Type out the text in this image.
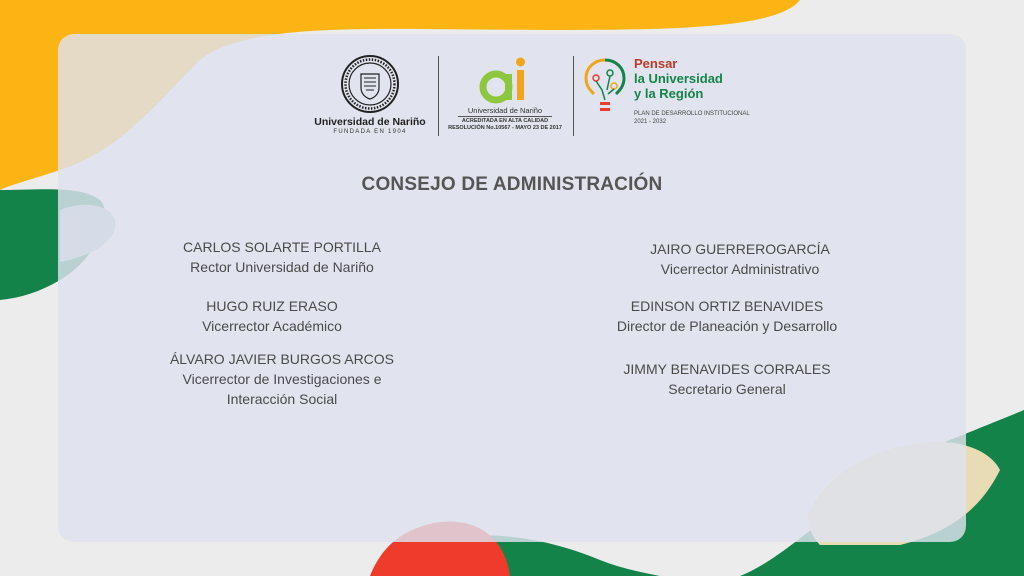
Universidad de Nariño
FUNDADA EN 1904
Universidad de Nariño
ACREDITADA EN ALTA CALIDAD
RESOLUCIÓN No.10567 - MAYO 23 DE 2017
Pensar
la Universidad
y la Región
PLAN DE DESARROLLO INSTITUCIONAL
2021 - 2032
CONSEJO DE ADMINISTRACIÓN
CARLOS SOLARTE PORTILLA
Rector Universidad de Nariño
HUGO RUIZ ERASO
Vicerrector Académico
ÁLVARO JAVIER BURGOS ARCOS
Vicerrector de Investigaciones e
Interacción Social
JAIRO GUERREROGARCÍA
Vicerrector Administrativo
EDINSON ORTIZ BENAVIDES
Director de Planeación y Desarrollo
JIMMY BENAVIDES CORRALES
Secretario General
